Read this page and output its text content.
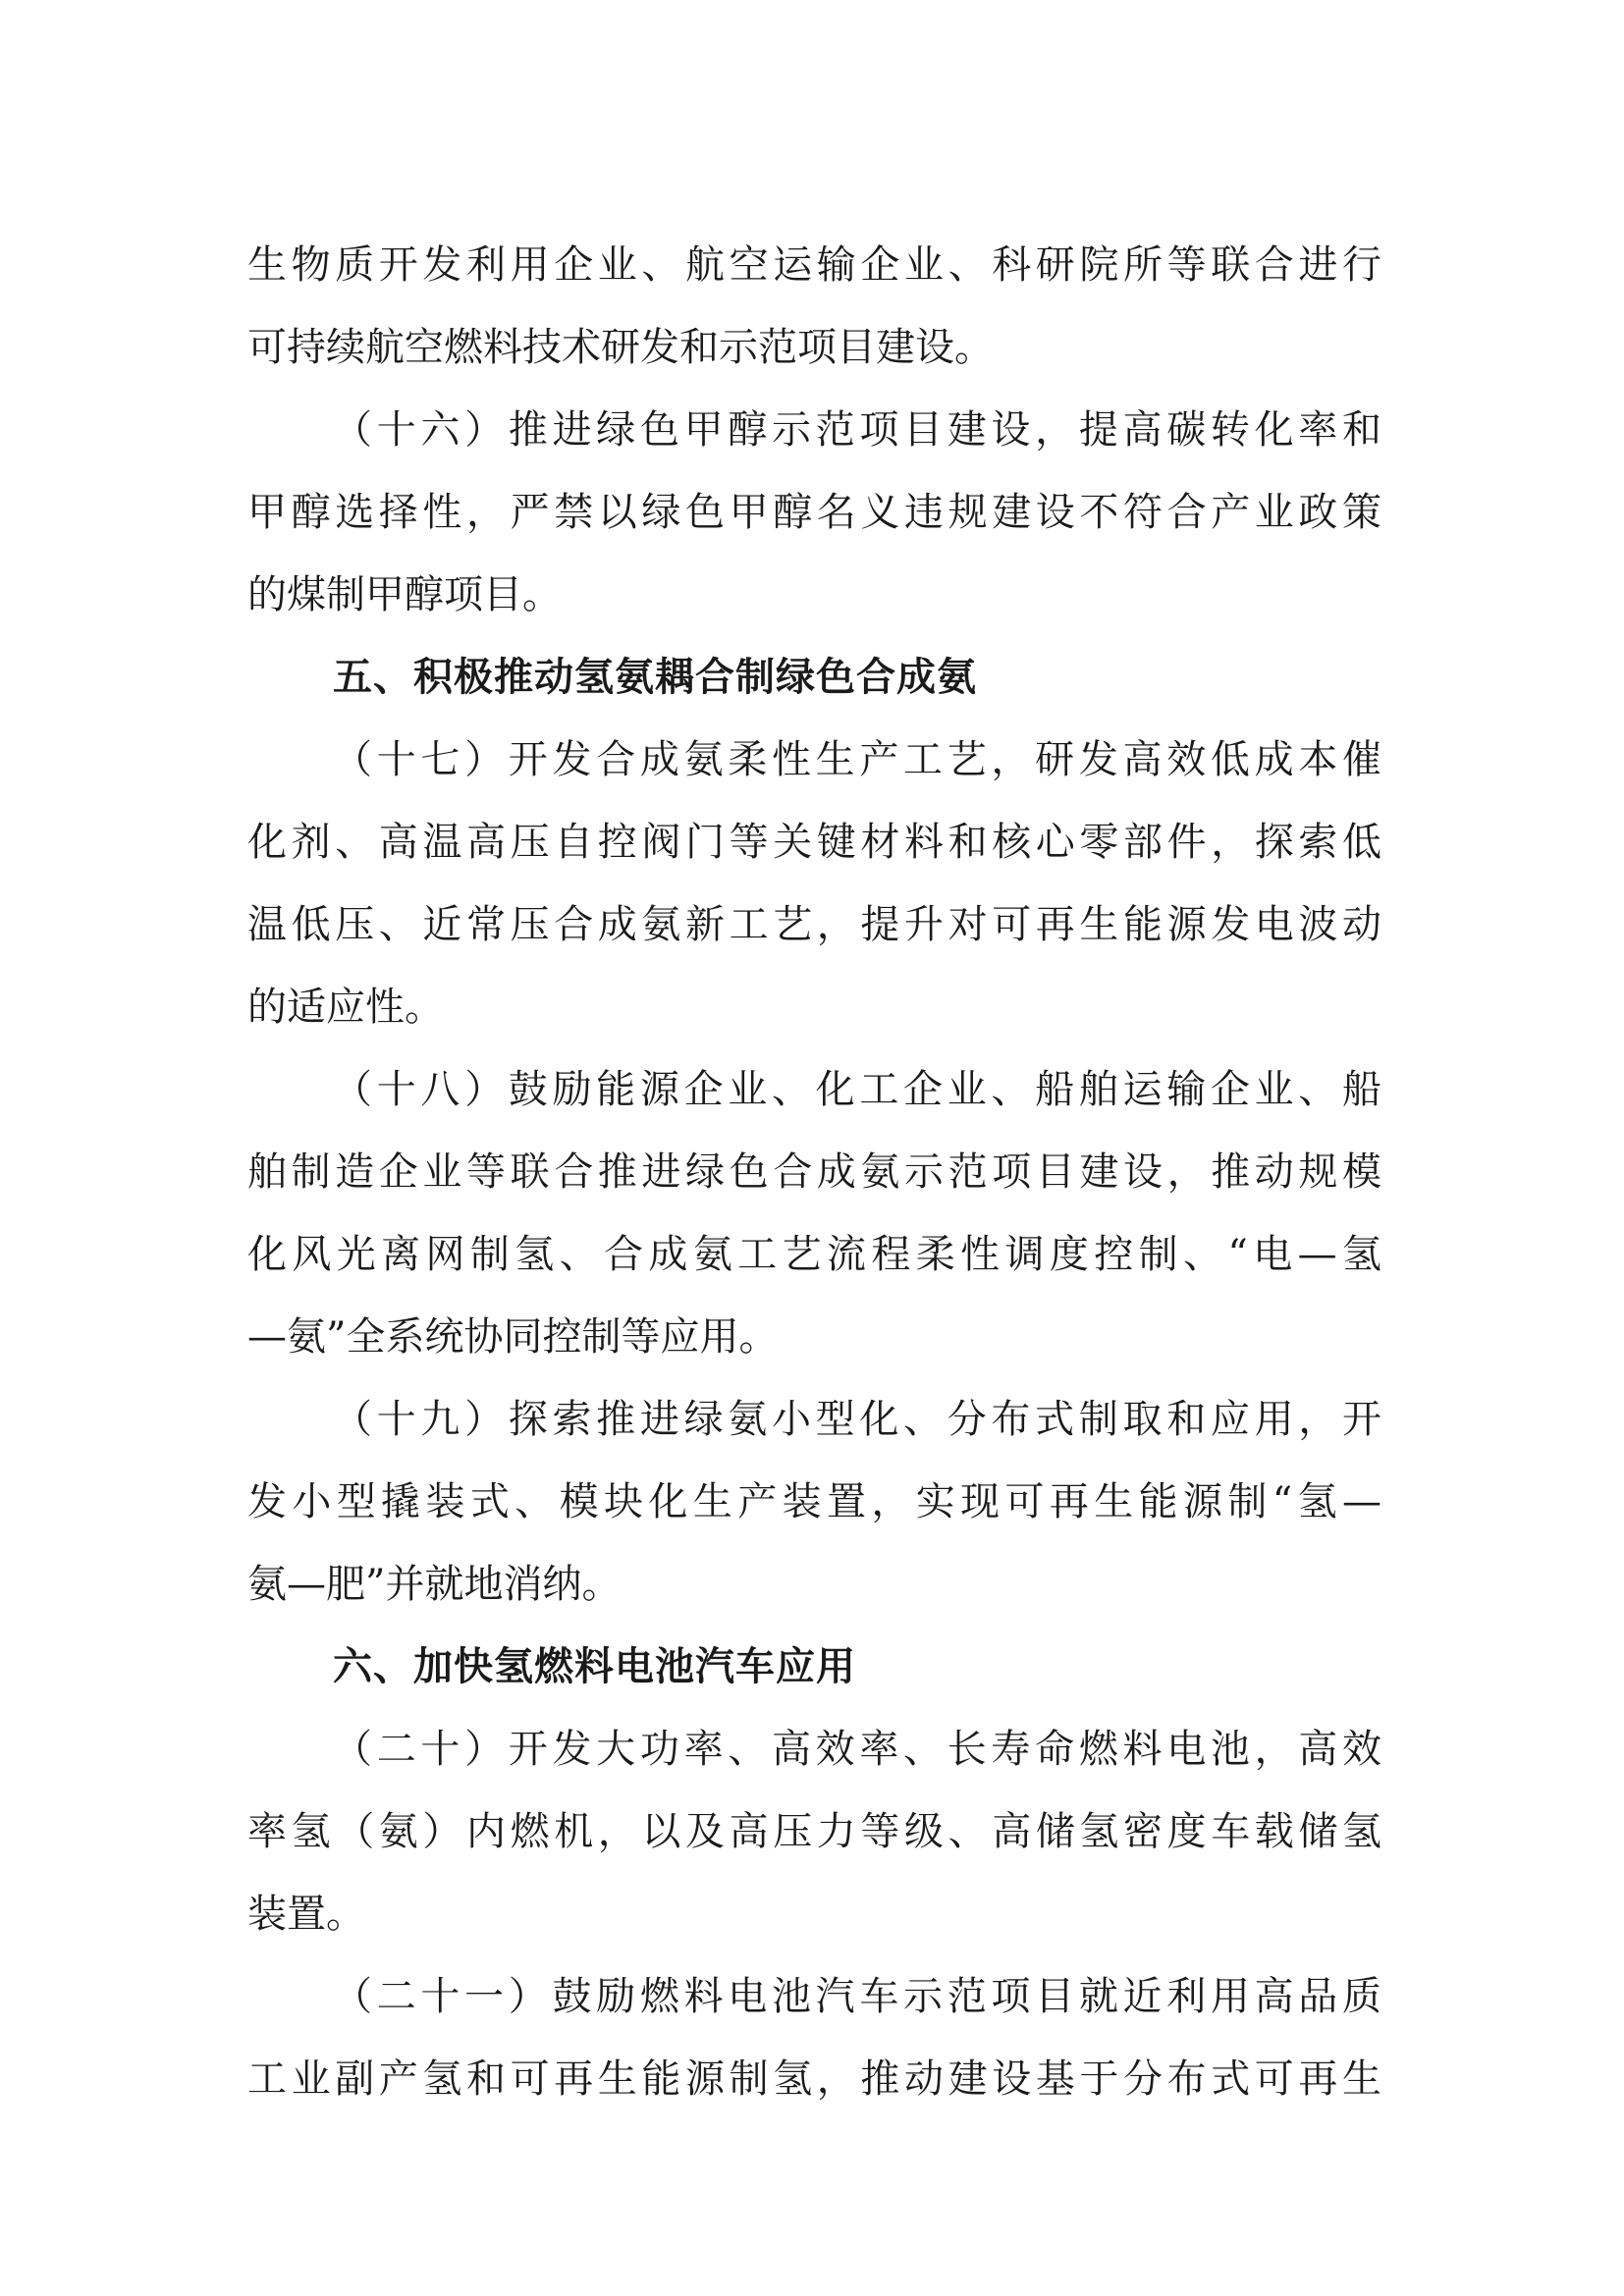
生物质开发利用企业、航空运输企业、科研院所等联合进行
可持续航空燃料技术研发和示范项目建设。
（十六）推进绿色甲醇示范项目建设，提高碳转化率和
甲醇选择性，严禁以绿色甲醇名义违规建设不符合产业政策
的煤制甲醇项目。
五、积极推动氢氨耦合制绿色合成氨
（十七）开发合成氨柔性生产工艺，研发高效低成本催
化剂、高温高压自控阀门等关键材料和核心零部件，探索低
温低压、近常压合成氨新工艺，提升对可再生能源发电波动
的适应性。
（十八）鼓励能源企业、化工企业、船舶运输企业、船
舶制造企业等联合推进绿色合成氨示范项目建设，推动规模
化风光离网制氢、合成氨工艺流程柔性调度控制、“电—氢
—氨”全系统协同控制等应用。
（十九）探索推进绿氨小型化、分布式制取和应用，开
发小型撬装式、模块化生产装置，实现可再生能源制“氢—
氨—肥”并就地消纳。
六、加快氢燃料电池汽车应用
（二十）开发大功率、高效率、长寿命燃料电池，高效
率氢（氨）内燃机，以及高压力等级、高储氢密度车载储氢
装置。
（二十一）鼓励燃料电池汽车示范项目就近利用高品质
工业副产氢和可再生能源制氢，推动建设基于分布式可再生
